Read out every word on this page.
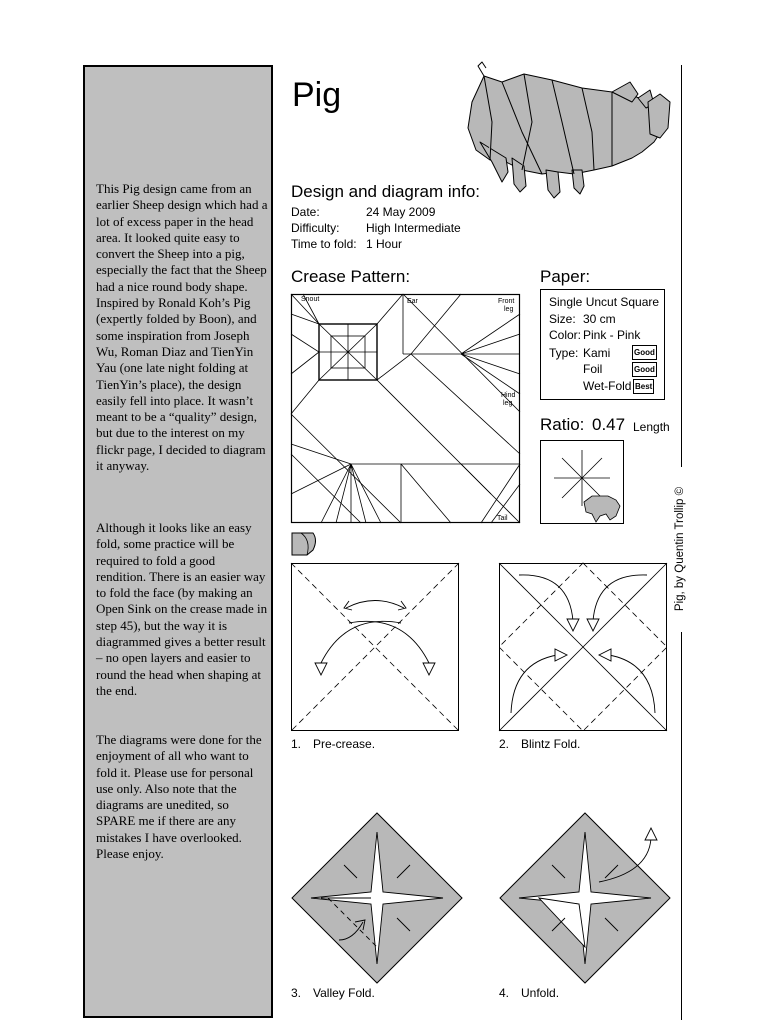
This Pig design came from an earlier Sheep design which had a lot of excess paper in the head area. It looked quite easy to convert the Sheep into a pig, especially the fact that the Sheep had a nice round body shape. Inspired by Ronald Koh’s Pig (expertly folded by Boon), and some inspiration from Joseph Wu, Roman Diaz and TienYin Yau (one late night folding at TienYin’s place), the design easily fell into place. It wasn’t meant to be a “quality” design, but due to the interest on my flickr page, I decided to diagram it anyway.

Although it looks like an easy fold, some practice will be required to fold a good rendition. There is an easier way to fold the face (by making an Open Sink on the crease made in step 45), but the way it is diagrammed gives a better result – no open layers and easier to round the head when shaping at the end.

The diagrams were done for the enjoyment of all who want to fold it. Please use for personal use only. Also note that the diagrams are unedited, so SPARE me if there are any mistakes I have overlooked. Please enjoy.

Pig
Design and diagram info:
Date:	24 May 2009
Difficulty: High Intermediate
Time to fold: 1 Hour
Crease Pattern:
Snout	Ear	Front
leg
Hind
leg
Tail
Paper:
Single Uncut Square
Size: 30 cm
Color: Pink - Pink
Type: Kami	Good
Foil	Good
Wet-Fold Best
Ratio: 0.47 Length
Pig, by Quentin Trollip ©
1. Pre-crease.	2. Blintz Fold.
3. Valley Fold.	4. Unfold.
